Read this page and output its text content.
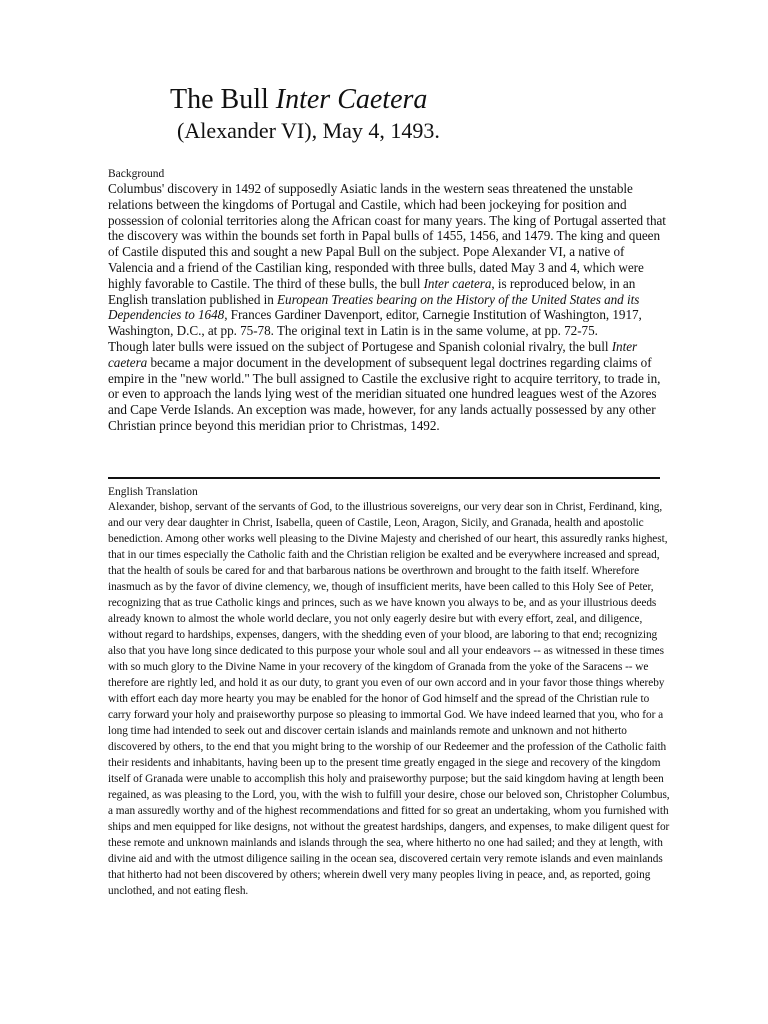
The Bull Inter Caetera
(Alexander VI), May 4, 1493.
Background

Columbus' discovery in 1492 of supposedly Asiatic lands in the western seas threatened the unstable relations between the kingdoms of Portugal and Castile, which had been jockeying for position and possession of colonial territories along the African coast for many years. The king of Portugal asserted that the discovery was within the bounds set forth in Papal bulls of 1455, 1456, and 1479. The king and queen of Castile disputed this and sought a new Papal Bull on the subject. Pope Alexander VI, a native of Valencia and a friend of the Castilian king, responded with three bulls, dated May 3 and 4, which were highly favorable to Castile. The third of these bulls, the bull Inter caetera, is reproduced below, in an English translation published in European Treaties bearing on the History of the United States and its Dependencies to 1648, Frances Gardiner Davenport, editor, Carnegie Institution of Washington, 1917, Washington, D.C., at pp. 75-78. The original text in Latin is in the same volume, at pp. 72-75.

Though later bulls were issued on the subject of Portugese and Spanish colonial rivalry, the bull Inter caetera became a major document in the development of subsequent legal doctrines regarding claims of empire in the "new world." The bull assigned to Castile the exclusive right to acquire territory, to trade in, or even to approach the lands lying west of the meridian situated one hundred leagues west of the Azores and Cape Verde Islands. An exception was made, however, for any lands actually possessed by any other Christian prince beyond this meridian prior to Christmas, 1492.

English Translation

Alexander, bishop, servant of the servants of God, to the illustrious sovereigns, our very dear son in Christ, Ferdinand, king, and our very dear daughter in Christ, Isabella, queen of Castile, Leon, Aragon, Sicily, and Granada, health and apostolic benediction. Among other works well pleasing to the Divine Majesty and cherished of our heart, this assuredly ranks highest, that in our times especially the Catholic faith and the Christian religion be exalted and be everywhere increased and spread, that the health of souls be cared for and that barbarous nations be overthrown and brought to the faith itself. Wherefore inasmuch as by the favor of divine clemency, we, though of insufficient merits, have been called to this Holy See of Peter, recognizing that as true Catholic kings and princes, such as we have known you always to be, and as your illustrious deeds already known to almost the whole world declare, you not only eagerly desire but with every effort, zeal, and diligence, without regard to hardships, expenses, dangers, with the shedding even of your blood, are laboring to that end; recognizing also that you have long since dedicated to this purpose your whole soul and all your endeavors -- as witnessed in these times with so much glory to the Divine Name in your recovery of the kingdom of Granada from the yoke of the Saracens -- we therefore are rightly led, and hold it as our duty, to grant you even of our own accord and in your favor those things whereby with effort each day more hearty you may be enabled for the honor of God himself and the spread of the Christian rule to carry forward your holy and praiseworthy purpose so pleasing to immortal God. We have indeed learned that you, who for a long time had intended to seek out and discover certain islands and mainlands remote and unknown and not hitherto discovered by others, to the end that you might bring to the worship of our Redeemer and the profession of the Catholic faith their residents and inhabitants, having been up to the present time greatly engaged in the siege and recovery of the kingdom itself of Granada were unable to accomplish this holy and praiseworthy purpose; but the said kingdom having at length been regained, as was pleasing to the Lord, you, with the wish to fulfill your desire, chose our beloved son, Christopher Columbus, a man assuredly worthy and of the highest recommendations and fitted for so great an undertaking, whom you furnished with ships and men equipped for like designs, not without the greatest hardships, dangers, and expenses, to make diligent quest for these remote and unknown mainlands and islands through the sea, where hitherto no one had sailed; and they at length, with divine aid and with the utmost diligence sailing in the ocean sea, discovered certain very remote islands and even mainlands that hitherto had not been discovered by others; wherein dwell very many peoples living in peace, and, as reported, going unclothed, and not eating flesh.
